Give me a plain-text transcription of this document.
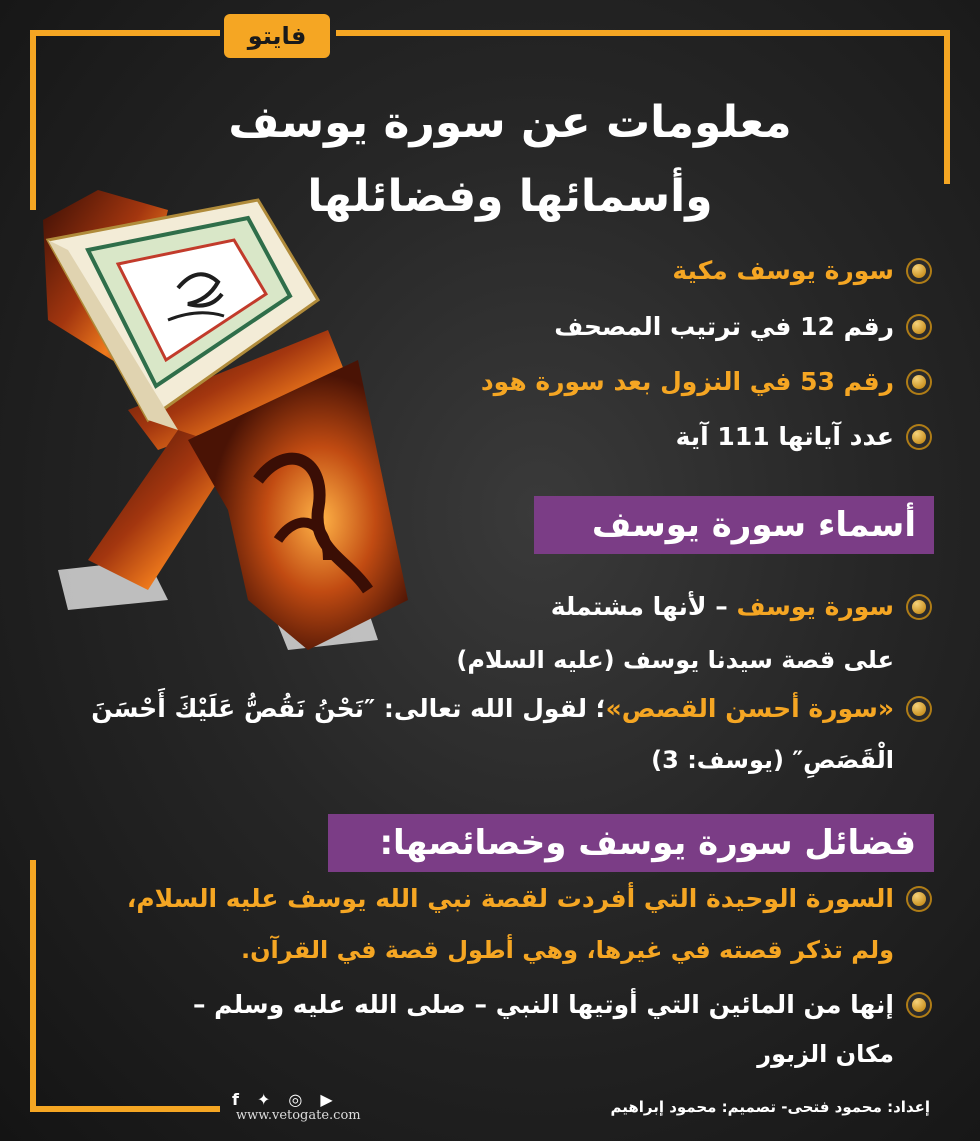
فايتو
معلومات عن سورة يوسف
وأسمائها وفضائلها
سورة يوسف مكية
رقم 12 في ترتيب المصحف
رقم 53 في النزول بعد سورة هود
عدد آياتها 111 آية
أسماء سورة يوسف
سورة يوسف – لأنها مشتملة
على قصة سيدنا يوسف (عليه السلام)
«سورة أحسن القصص»؛ لقول الله تعالى: ″نَحْنُ نَقُصُّ عَلَيْكَ أَحْسَنَ
الْقَصَصِ″ (يوسف: 3)
فضائل سورة يوسف وخصائصها:
السورة الوحيدة التي أفردت لقصة نبي الله يوسف عليه السلام،
ولم تذكر قصته في غيرها، وهي أطول قصة في القرآن.
إنها من المائين التي أوتيها النبي – صلى الله عليه وسلم –
مكان الزبور
f ✦ ◎ ▶
www.vetogate.com	إعداد: محمود فتحى- تصميم: محمود إبراهيم
